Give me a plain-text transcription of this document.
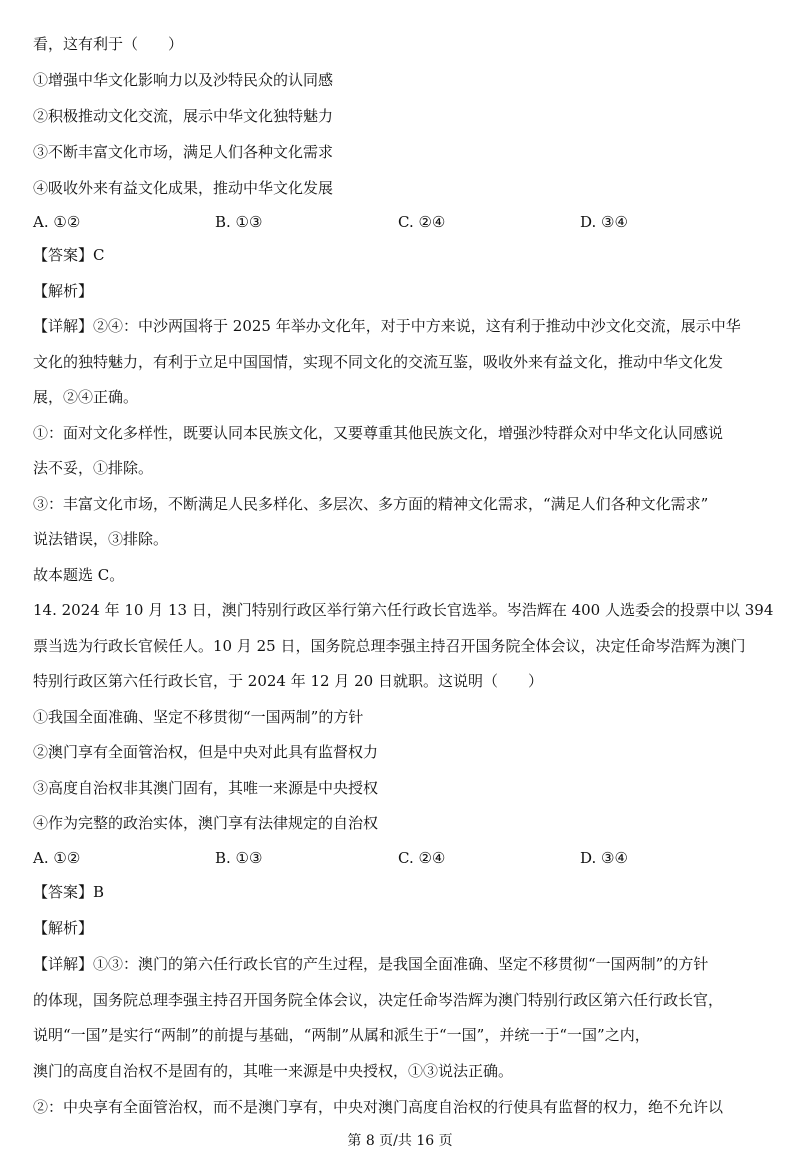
看，这有利于（　　）
①增强中华文化影响力以及沙特民众的认同感
②积极推动文化交流，展示中华文化独特魅力
③不断丰富文化市场，满足人们各种文化需求
④吸收外来有益文化成果，推动中华文化发展
A. ①②	B. ①③	C. ②④	D. ③④
【答案】C
【解析】
【详解】②④：中沙两国将于 2025 年举办文化年，对于中方来说，这有利于推动中沙文化交流，展示中华
文化的独特魅力，有利于立足中国国情，实现不同文化的交流互鉴，吸收外来有益文化，推动中华文化发
展，②④正确。
①：面对文化多样性，既要认同本民族文化，又要尊重其他民族文化，增强沙特群众对中华文化认同感说
法不妥，①排除。
③：丰富文化市场，不断满足人民多样化、多层次、多方面的精神文化需求，“满足人们各种文化需求”
说法错误，③排除。
故本题选 C。
14. 2024 年 10 月 13 日，澳门特别行政区举行第六任行政长官选举。岑浩辉在 400 人选委会的投票中以 394
票当选为行政长官候任人。10 月 25 日，国务院总理李强主持召开国务院全体会议，决定任命岑浩辉为澳门
特别行政区第六任行政长官，于 2024 年 12 月 20 日就职。这说明（　　）
①我国全面准确、坚定不移贯彻“一国两制”的方针
②澳门享有全面管治权，但是中央对此具有监督权力
③高度自治权非其澳门固有，其唯一来源是中央授权
④作为完整的政治实体，澳门享有法律规定的自治权
A. ①②	B. ①③	C. ②④	D. ③④
【答案】B
【解析】
【详解】①③：澳门的第六任行政长官的产生过程，是我国全面准确、坚定不移贯彻“一国两制”的方针
的体现，国务院总理李强主持召开国务院全体会议，决定任命岑浩辉为澳门特别行政区第六任行政长官，
说明“一国”是实行“两制”的前提与基础，“两制”从属和派生于“一国”，并统一于“一国”之内，
澳门的高度自治权不是固有的，其唯一来源是中央授权，①③说法正确。
②：中央享有全面管治权，而不是澳门享有，中央对澳门高度自治权的行使具有监督的权力，绝不允许以
第 8 页/共 16 页
